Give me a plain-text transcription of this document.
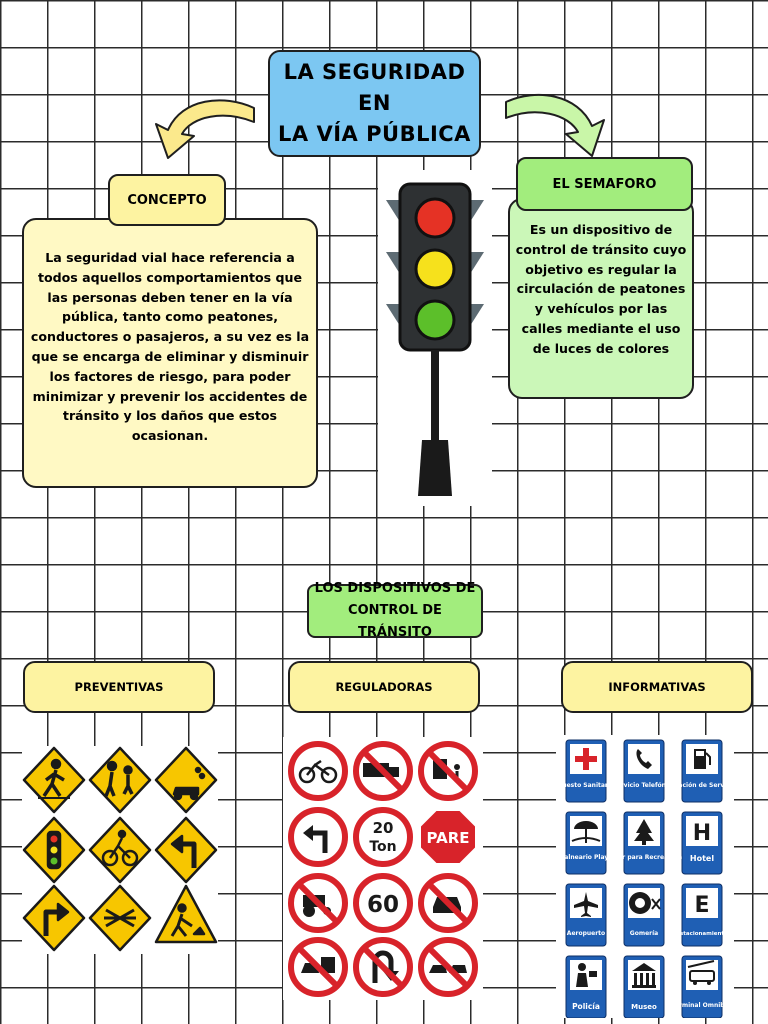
LA SEGURIDAD EN
LA VÍA PÚBLICA
La seguridad vial hace referencia a todos aquellos comportamientos que las personas deben tener en la vía pública, tanto como peatones, conductores o pasajeros, a su vez es la que se encarga de eliminar y disminuir los factores de riesgo, para poder minimizar y prevenir los accidentes de tránsito y los daños que estos ocasionan.
CONCEPTO
Es un dispositivo de control de tránsito cuyo objetivo es regular la circulación de peatones y vehículos por las calles mediante el uso de luces de colores
EL SEMAFORO
LOS DISPOSITIVOS DE
CONTROL DE TRÁNSITO
PREVENTIVAS	REGULADORAS	INFORMATIVAS
20
Ton PARE
60
H
E
Puesto Sanitario
Servicio Telefónico
Estación de Servicio
Balneario Playa
Lugar para Recreación Hotel
Aeropuerto	Gomería	Estacionamiento
Policía	Museo Terminal Omnibus
